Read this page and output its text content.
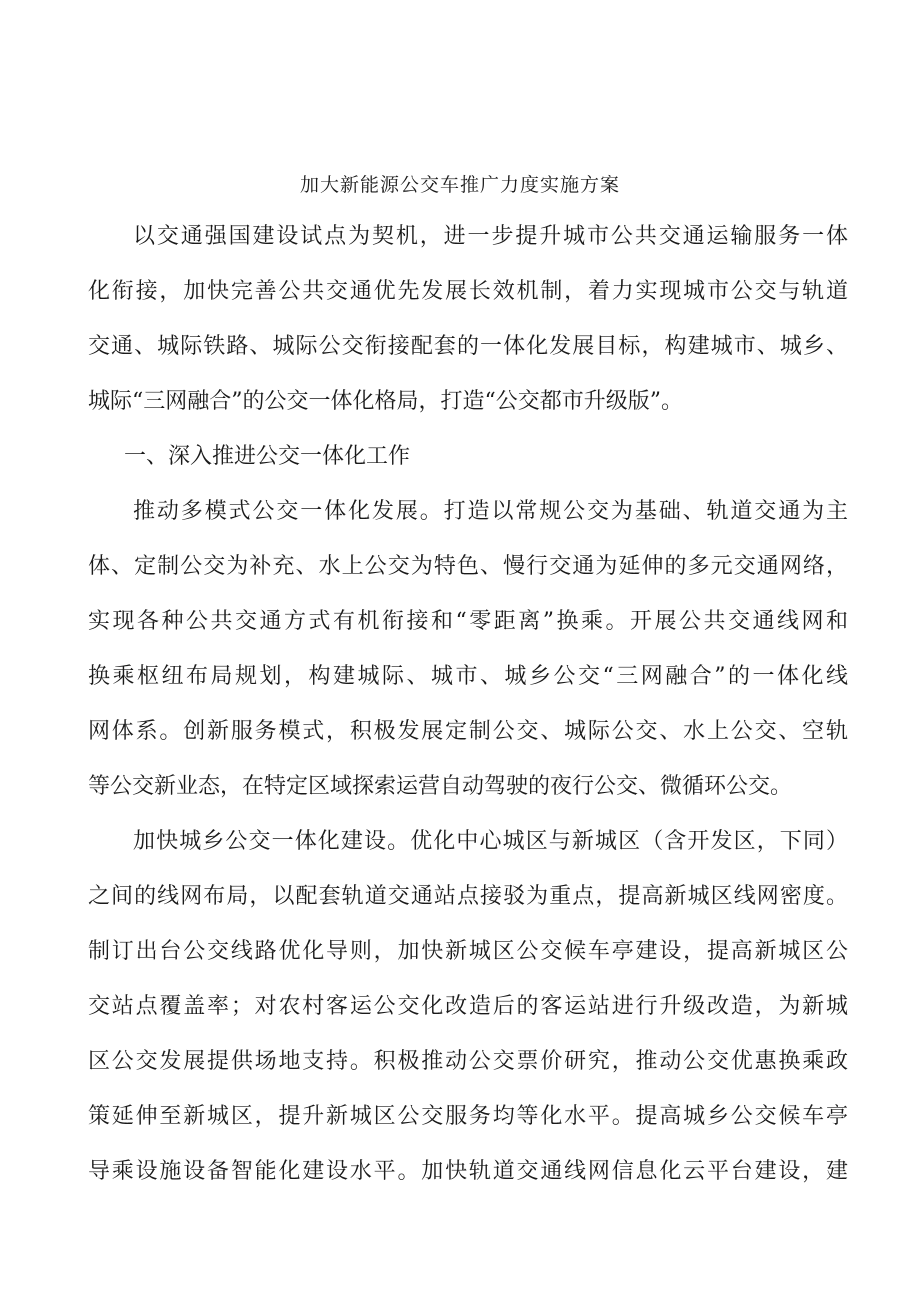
加大新能源公交车推广力度实施方案

以交通强国建设试点为契机，进一步提升城市公共交通运输服务一体

化衔接，加快完善公共交通优先发展长效机制，着力实现城市公交与轨道

交通、城际铁路、城际公交衔接配套的一体化发展目标，构建城市、城乡、

城际“三网融合”的公交一体化格局，打造“公交都市升级版”。

一、深入推进公交一体化工作

推动多模式公交一体化发展。打造以常规公交为基础、轨道交通为主

体、定制公交为补充、水上公交为特色、慢行交通为延伸的多元交通网络，

实现各种公共交通方式有机衔接和“零距离”换乘。开展公共交通线网和

换乘枢纽布局规划，构建城际、城市、城乡公交“三网融合”的一体化线

网体系。创新服务模式，积极发展定制公交、城际公交、水上公交、空轨

等公交新业态，在特定区域探索运营自动驾驶的夜行公交、微循环公交。

加快城乡公交一体化建设。优化中心城区与新城区（含开发区，下同）

之间的线网布局，以配套轨道交通站点接驳为重点，提高新城区线网密度。

制订出台公交线路优化导则，加快新城区公交候车亭建设，提高新城区公

交站点覆盖率；对农村客运公交化改造后的客运站进行升级改造，为新城

区公交发展提供场地支持。积极推动公交票价研究，推动公交优惠换乘政

策延伸至新城区，提升新城区公交服务均等化水平。提高城乡公交候车亭

导乘设施设备智能化建设水平。加快轨道交通线网信息化云平台建设，建
